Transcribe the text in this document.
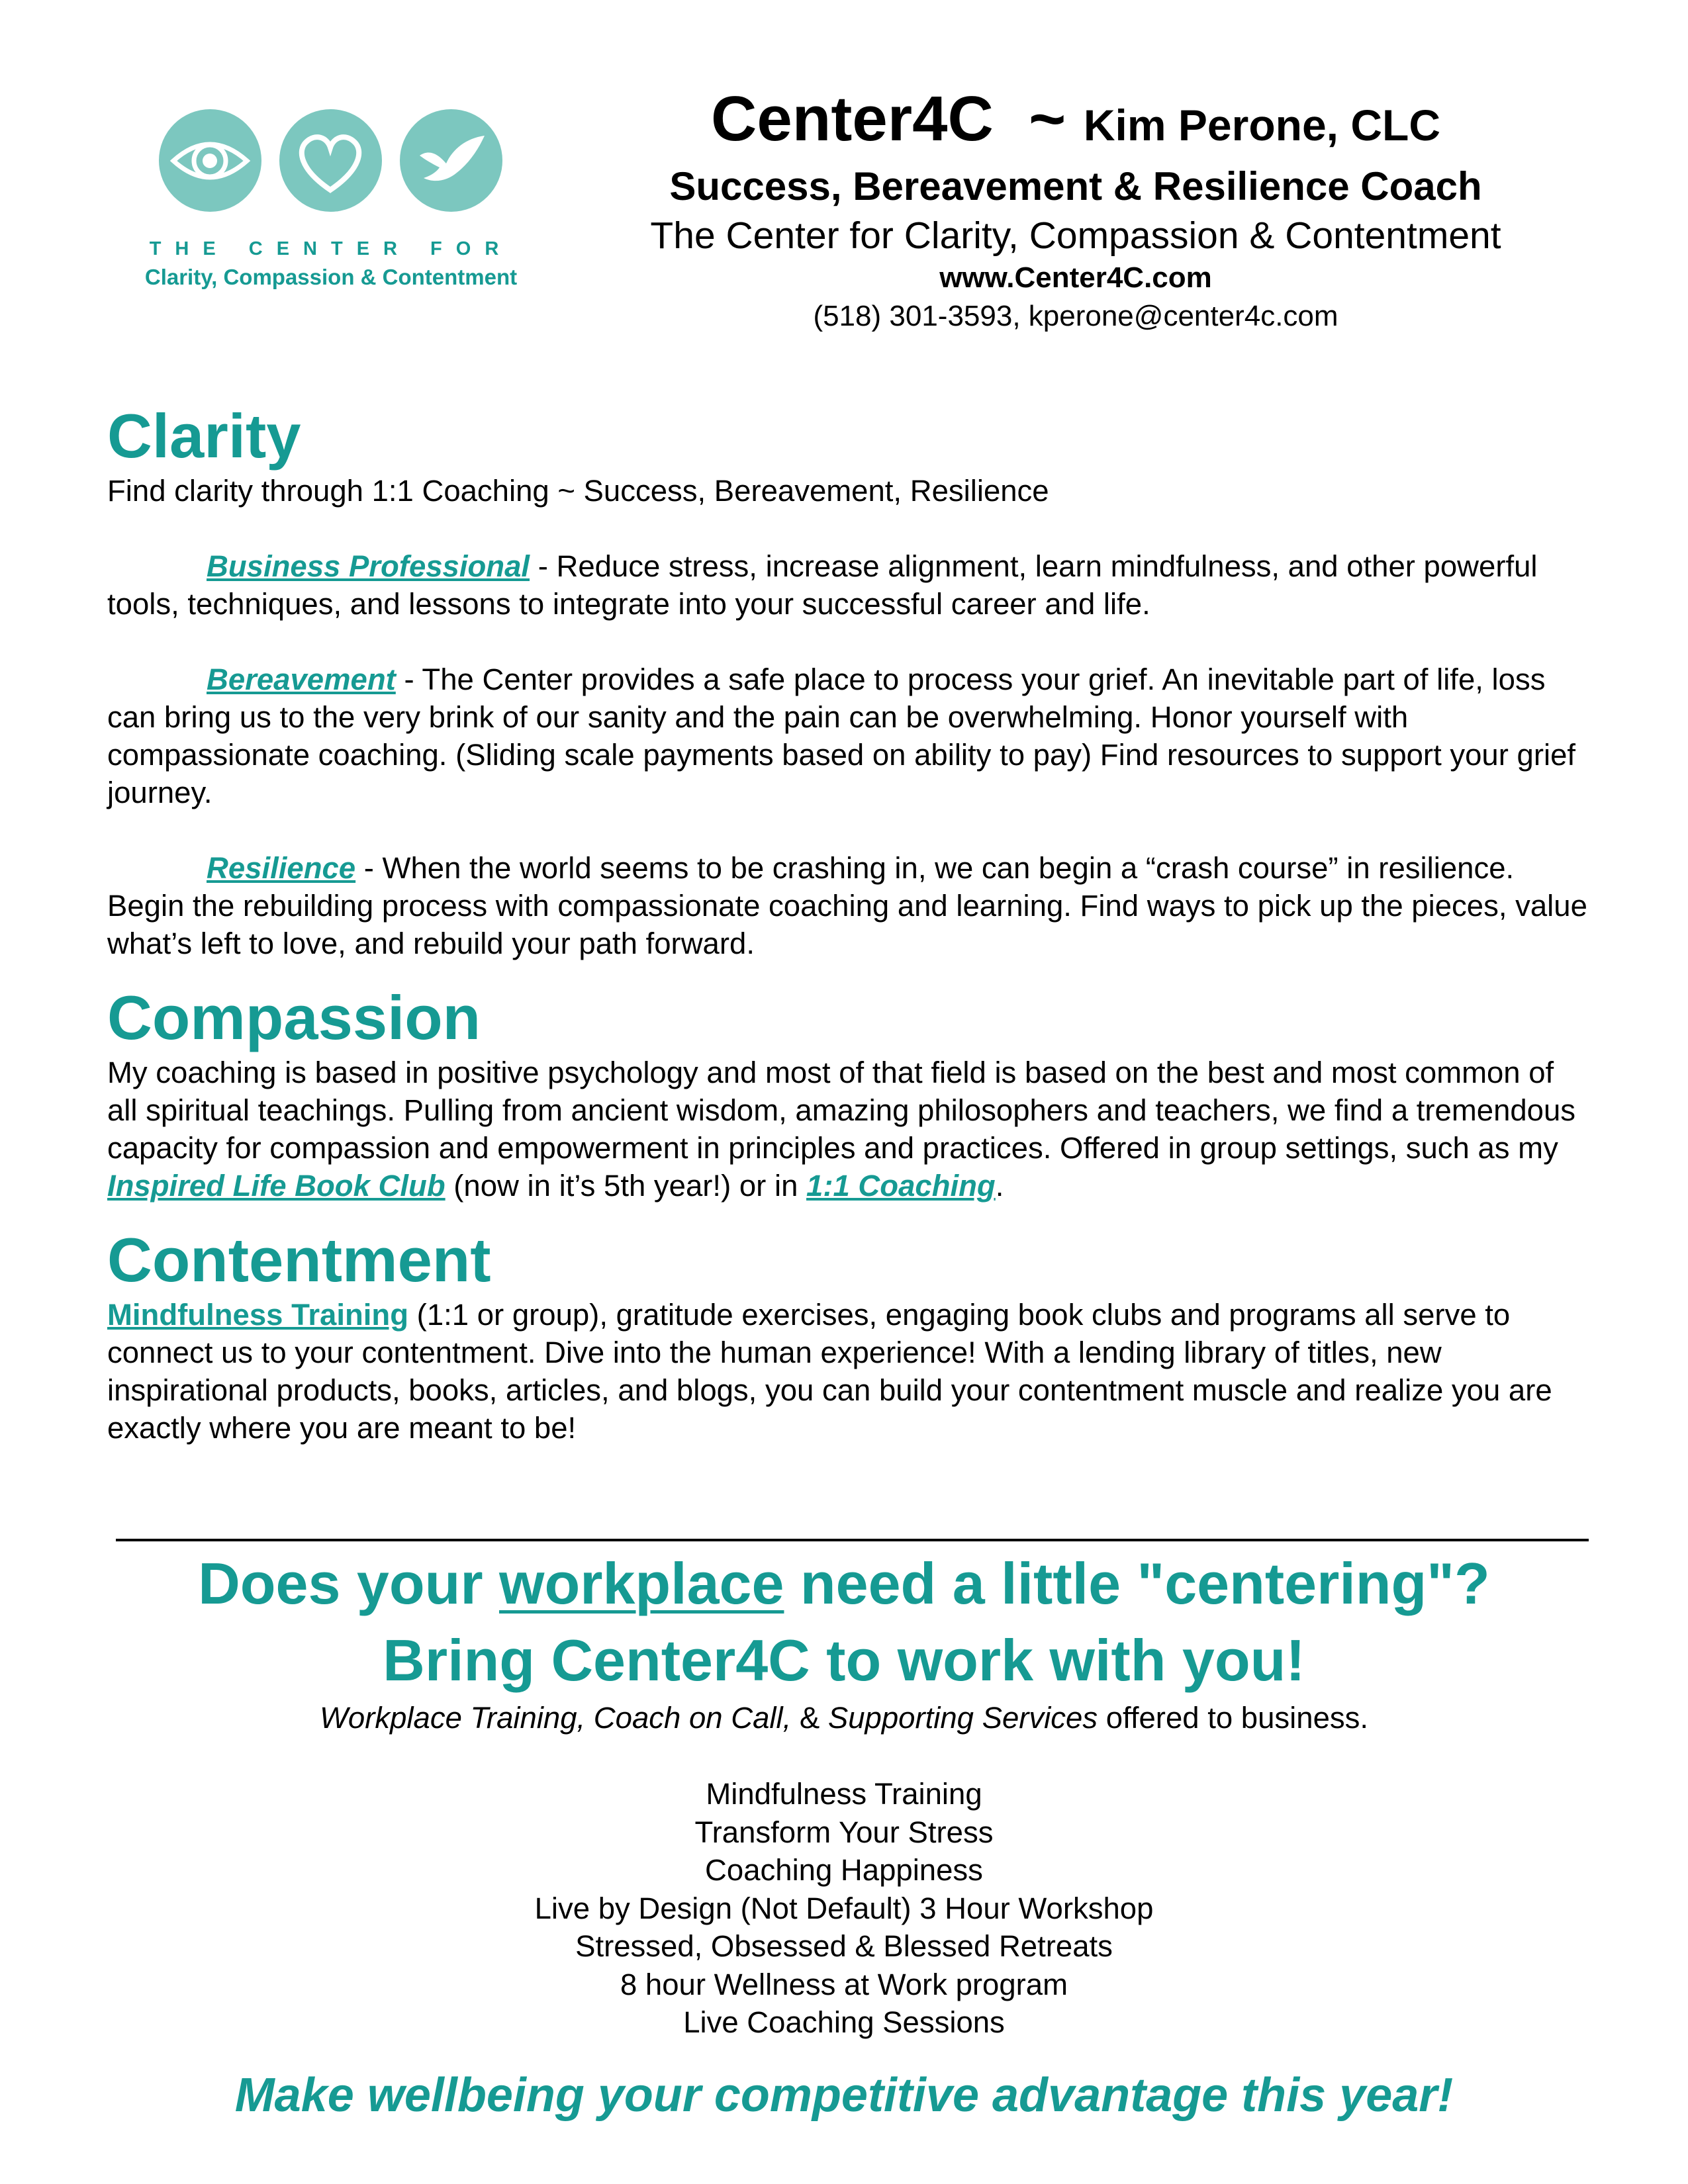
THE CENTER FOR
Clarity, Compassion & Contentment
Center4C ~ Kim Perone, CLC
Success, Bereavement & Resilience Coach
The Center for Clarity, Compassion & Contentment
www.Center4C.com
(518) 301-3593, kperone@center4c.com
Clarity

Find clarity through 1:1 Coaching ~ Success, Bereavement, Resilience

Business Professional - Reduce stress, increase alignment, learn mindfulness, and other powerful tools, techniques, and lessons to integrate into your successful career and life.

Bereavement - The Center provides a safe place to process your grief. An inevitable part of life, loss can bring us to the very brink of our sanity and the pain can be overwhelming. Honor yourself with compassionate coaching. (Sliding scale payments based on ability to pay) Find resources to support your grief journey.

Resilience - When the world seems to be crashing in, we can begin a “crash course” in resilience. Begin the rebuilding process with compassionate coaching and learning. Find ways to pick up the pieces, value what’s left to love, and rebuild your path forward.

Compassion

My coaching is based in positive psychology and most of that field is based on the best and most common of all spiritual teachings. Pulling from ancient wisdom, amazing philosophers and teachers, we find a tremendous capacity for compassion and empowerment in principles and practices. Offered in group settings, such as my Inspired Life Book Club (now in it’s 5th year!) or in 1:1 Coaching.

Contentment

Mindfulness Training (1:1 or group), gratitude exercises, engaging book clubs and programs all serve to connect us to your contentment. Dive into the human experience! With a lending library of titles, new inspirational products, books, articles, and blogs, you can build your contentment muscle and realize you are exactly where you are meant to be!

Does your workplace need a little "centering"?
Bring Center4C to work with you!
Workplace Training, Coach on Call, & Supporting Services offered to business.
Mindfulness Training
Transform Your Stress
Coaching Happiness
Live by Design (Not Default) 3 Hour Workshop
Stressed, Obsessed & Blessed Retreats
8 hour Wellness at Work program
Live Coaching Sessions
Make wellbeing your competitive advantage this year!
